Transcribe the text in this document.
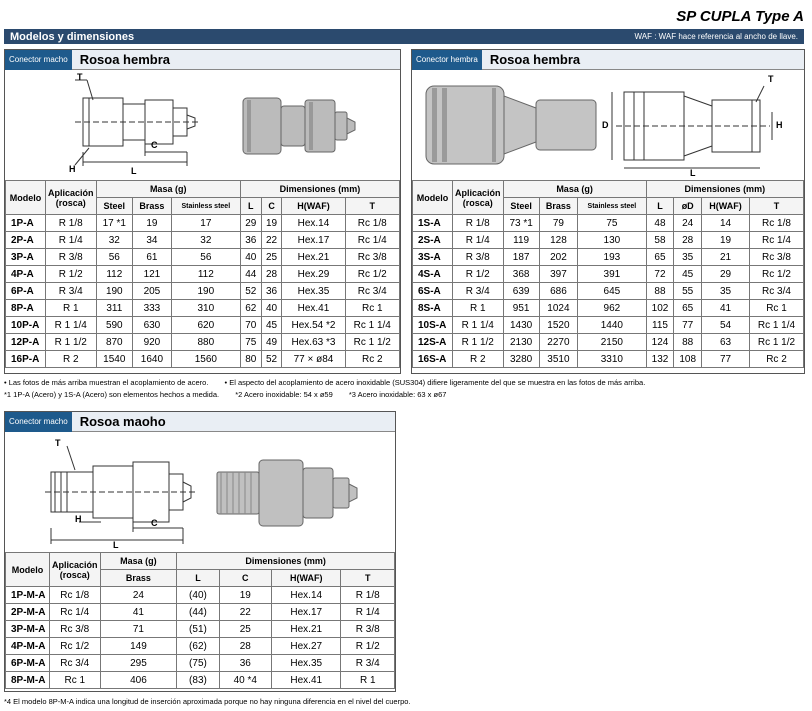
SP CUPLA Type A
Modelos y dimensiones	WAF : WAF hace referencia al ancho de llave.
Conector macho Rosoa hembra
T
H
C
L
Modelo	Aplicación (rosca)	Masa (g)			Dimensiones (mm)			
		Steel	Brass	Stainless steel	L	C	H(WAF)	T
1P-A	R 1/8	17 *1	19	17	29	19	Hex.14	Rc 1/8
2P-A	R 1/4	32	34	32	36	22	Hex.17	Rc 1/4
3P-A	R 3/8	56	61	56	40	25	Hex.21	Rc 3/8
4P-A	R 1/2	112	121	112	44	28	Hex.29	Rc 1/2
6P-A	R 3/4	190	205	190	52	36	Hex.35	Rc 3/4
8P-A	R 1	311	333	310	62	40	Hex.41	Rc 1
10P-A	R 1 1/4	590	630	620	70	45	Hex.54 *2	Rc 1 1/4
12P-A	R 1 1/2	870	920	880	75	49	Hex.63 *3	Rc 1 1/2
16P-A	R 2	1540	1640	1560	80	52	77 × ø84	Rc 2
Conector hembra Rosoa hembra
T
H
D
L
Modelo	Aplicación (rosca)	Masa (g)			Dimensiones (mm)			
		Steel	Brass	Stainless steel	L	øD	H(WAF)	T
1S-A	R 1/8	73 *1	79	75	48	24	14	Rc 1/8
2S-A	R 1/4	119	128	130	58	28	19	Rc 1/4
3S-A	R 3/8	187	202	193	65	35	21	Rc 3/8
4S-A	R 1/2	368	397	391	72	45	29	Rc 1/2
6S-A	R 3/4	639	686	645	88	55	35	Rc 3/4
8S-A	R 1	951	1024	962	102	65	41	Rc 1
10S-A	R 1 1/4	1430	1520	1440	115	77	54	Rc 1 1/4
12S-A	R 1 1/2	2130	2270	2150	124	88	63	Rc 1 1/2
16S-A	R 2	3280	3510	3310	132	108	77	Rc 2
• Las fotos de más arriba muestran el acoplamiento de acero. • El aspecto del acoplamiento de acero inoxidable (SUS304) difiere ligeramente del que se muestra en las fotos de más arriba.
*1 1P-A (Acero) y 1S-A (Acero) son elementos hechos a medida. *2 Acero inoxidable: 54 x ø59 *3 Acero inoxidable: 63 x ø67
Conector macho Rosoa maoho
T
H	C
L
Modelo	Aplicación (rosca)	Masa (g)	Dimensiones (mm)			
		Brass	L	C	H(WAF)	T
1P-M-A	Rc 1/8	24	(40)	19	Hex.14	R 1/8
2P-M-A	Rc 1/4	41	(44)	22	Hex.17	R 1/4
3P-M-A	Rc 3/8	71	(51)	25	Hex.21	R 3/8
4P-M-A	Rc 1/2	149	(62)	28	Hex.27	R 1/2
6P-M-A	Rc 3/4	295	(75)	36	Hex.35	R 3/4
8P-M-A	Rc 1	406	(83)	40 *4	Hex.41	R 1
*4 El modelo 8P-M-A indica una longitud de inserción aproximada porque no hay ninguna diferencia en el nivel del cuerpo.
